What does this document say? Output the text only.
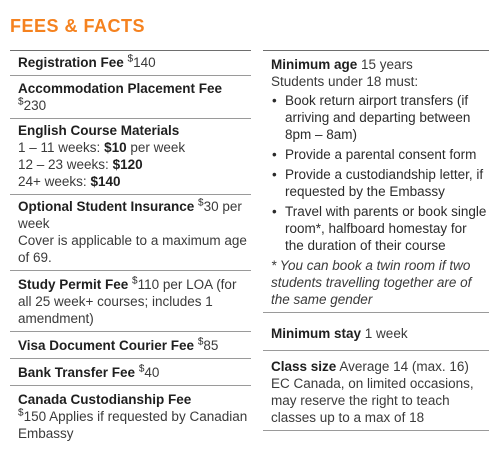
FEES & FACTS
Registration Fee $140
Accommodation Placement Fee $230
English Course Materials
1 – 11 weeks: $10 per week
12 – 23 weeks: $120
24+ weeks: $140
Optional Student Insurance $30 per week
Cover is applicable to a maximum age of 69.
Study Permit Fee $110 per LOA (for all 25 week+ courses; includes 1 amendment)
Visa Document Courier Fee $85
Bank Transfer Fee $40
Canada Custodianship Fee
$150 Applies if requested by Canadian Embassy
Minimum age 15 years
Students under 18 must:
• Book return airport transfers (if arriving and departing between 8pm – 8am)
• Provide a parental consent form
• Provide a custodiandship letter, if requested by the Embassy
• Travel with parents or book single room*, halfboard homestay for the duration of their course
* You can book a twin room if two students travelling together are of the same gender
Minimum stay 1 week
Class size Average 14 (max. 16)
EC Canada, on limited occasions, may reserve the right to teach classes up to a max of 18
